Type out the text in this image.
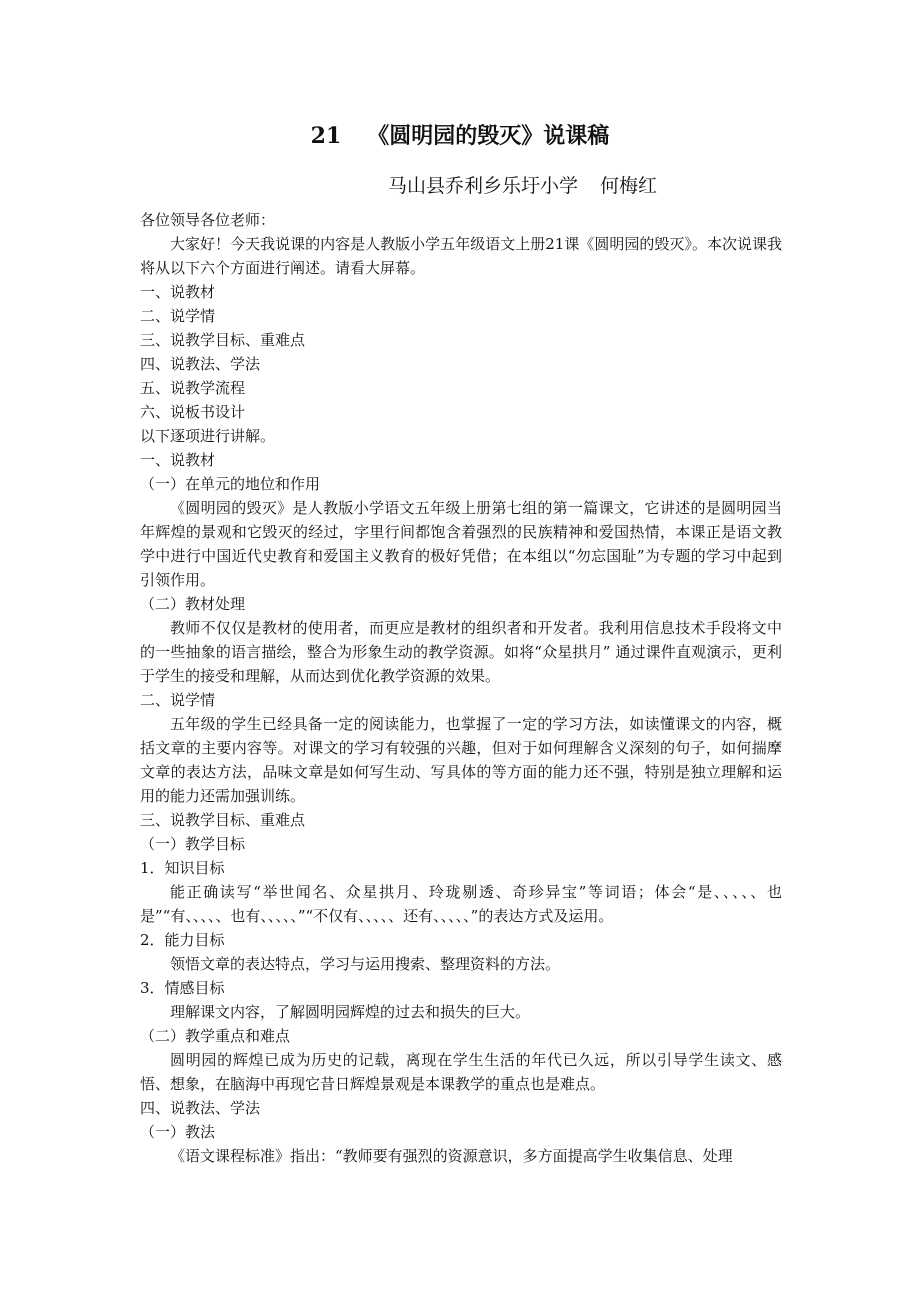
21 《圆明园的毁灭》说课稿
马山县乔利乡乐圩小学 何梅红

各位领导各位老师：

大家好！今天我说课的内容是人教版小学五年级语文上册21课《圆明园的毁灭》。本次说课我将从以下六个方面进行阐述。请看大屏幕。

一、说教材

二、说学情

三、说教学目标、重难点

四、说教法、学法

五、说教学流程

六、说板书设计

以下逐项进行讲解。

一、说教材

（一）在单元的地位和作用

《圆明园的毁灭》是人教版小学语文五年级上册第七组的第一篇课文，它讲述的是圆明园当年辉煌的景观和它毁灭的经过，字里行间都饱含着强烈的民族精神和爱国热情，本课正是语文教学中进行中国近代史教育和爱国主义教育的极好凭借；在本组以“勿忘国耻”为专题的学习中起到引领作用。

（二）教材处理

教师不仅仅是教材的使用者，而更应是教材的组织者和开发者。我利用信息技术手段将文中的一些抽象的语言描绘，整合为形象生动的教学资源。如将“众星拱月” 通过课件直观演示，更利于学生的接受和理解，从而达到优化教学资源的效果。

二、说学情

五年级的学生已经具备一定的阅读能力，也掌握了一定的学习方法，如读懂课文的内容，概括文章的主要内容等。对课文的学习有较强的兴趣，但对于如何理解含义深刻的句子，如何揣摩文章的表达方法，品味文章是如何写生动、写具体的等方面的能力还不强，特别是独立理解和运用的能力还需加强训练。

三、说教学目标、重难点

（一）教学目标

1．知识目标

能正确读写“举世闻名、众星拱月、玲珑剔透、奇珍异宝”等词语；体会“是、、、、、也是”“有、、、、、也有、、、、、”“不仅有、、、、、还有、、、、、”的表达方式及运用。

2．能力目标

领悟文章的表达特点，学习与运用搜索、整理资料的方法。

3．情感目标

理解课文内容，了解圆明园辉煌的过去和损失的巨大。

（二）教学重点和难点

圆明园的辉煌已成为历史的记载，离现在学生生活的年代已久远，所以引导学生读文、感悟、想象，在脑海中再现它昔日辉煌景观是本课教学的重点也是难点。

四、说教法、学法

（一）教法

《语文课程标准》指出：“教师要有强烈的资源意识，多方面提高学生收集信息、处理
